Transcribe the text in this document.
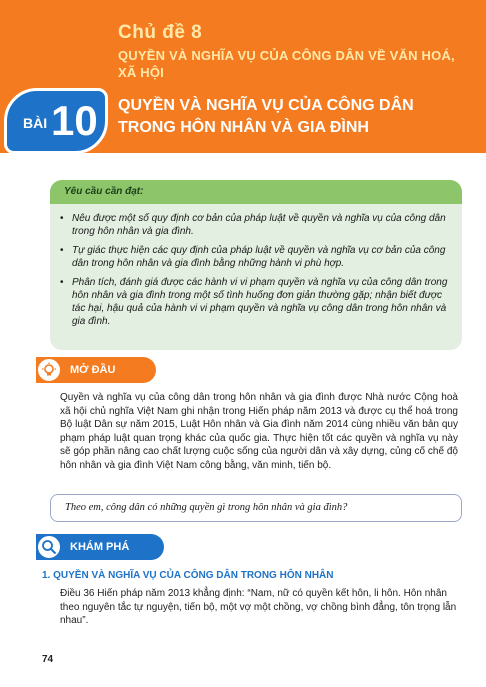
Chủ đề 8
QUYỀN VÀ NGHĨA VỤ CỦA CÔNG DÂN VỀ VĂN HOÁ, XÃ HỘI
BÀI 10 QUYỀN VÀ NGHĨA VỤ CỦA CÔNG DÂN TRONG HÔN NHÂN VÀ GIA ĐÌNH
Yêu cầu cần đạt:
• Nêu được một số quy định cơ bản của pháp luật về quyền và nghĩa vụ của công dân trong hôn nhân và gia đình.
• Tự giác thực hiện các quy định của pháp luật về quyền và nghĩa vụ cơ bản của công dân trong hôn nhân và gia đình bằng những hành vi phù hợp.
• Phân tích, đánh giá được các hành vi vi phạm quyền và nghĩa vụ của công dân trong hôn nhân và gia đình trong một số tình huống đơn giản thường gặp; nhận biết được tác hại, hậu quả của hành vi vi phạm quyền và nghĩa vụ công dân trong hôn nhân và gia đình.
MỞ ĐẦU
Quyền và nghĩa vụ của công dân trong hôn nhân và gia đình được Nhà nước Cộng hoà xã hội chủ nghĩa Việt Nam ghi nhận trong Hiến pháp năm 2013 và được cụ thể hoá trong Bộ luật Dân sự năm 2015, Luật Hôn nhân và Gia đình năm 2014 cùng nhiều văn bản quy phạm pháp luật quan trọng khác của quốc gia. Thực hiện tốt các quyền và nghĩa vụ này sẽ góp phần nâng cao chất lượng cuộc sống của người dân và xây dựng, củng cố chế độ hôn nhân và gia đình Việt Nam công bằng, văn minh, tiến bộ.
Theo em, công dân có những quyền gì trong hôn nhân và gia đình?
KHÁM PHÁ
1. QUYỀN VÀ NGHĨA VỤ CỦA CÔNG DÂN TRONG HÔN NHÂN
Điều 36 Hiến pháp năm 2013 khẳng định: “Nam, nữ có quyền kết hôn, li hôn. Hôn nhân theo nguyên tắc tự nguyện, tiến bộ, một vợ một chồng, vợ chồng bình đẳng, tôn trọng lẫn nhau”.
74
